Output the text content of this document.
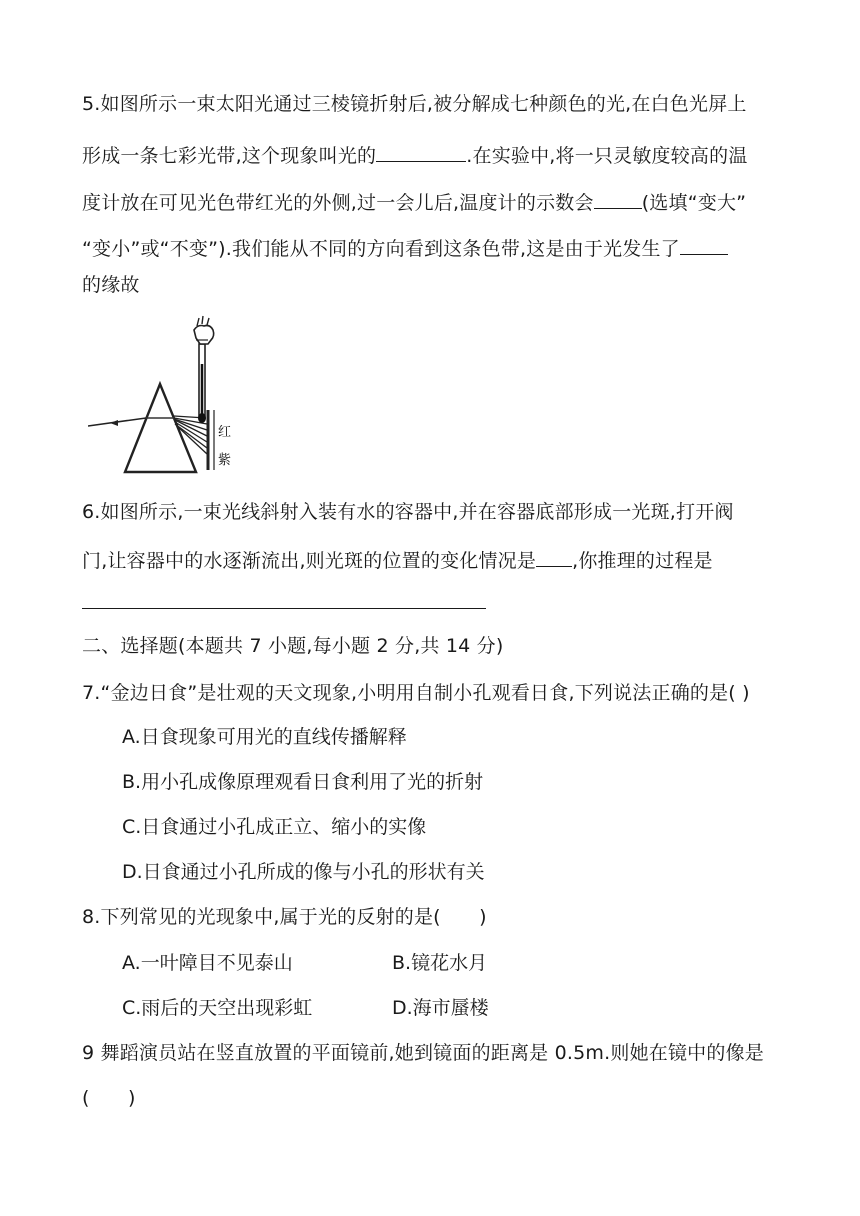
5.如图所示一束太阳光通过三棱镜折射后,被分解成七种颜色的光,在白色光屏上
形成一条七彩光带,这个现象叫光的	.在实验中,将一只灵敏度较高的温
度计放在可见光色带红光的外侧,过一会儿后,温度计的示数会	(选填“变大”
“变小”或“不变”).我们能从不同的方向看到这条色带,这是由于光发生了
的缘故
红
紫
6.如图所示,一束光线斜射入装有水的容器中,并在容器底部形成一光斑,打开阀
门,让容器中的水逐渐流出,则光斑的位置的变化情况是 ,你推理的过程是
二、选择题(本题共 7 小题,每小题 2 分,共 14 分)
7.“金边日食”是壮观的天文现象,小明用自制小孔观看日食,下列说法正确的是( )
A.日食现象可用光的直线传播解释
B.用小孔成像原理观看日食利用了光的折射
C.日食通过小孔成正立、缩小的实像
D.日食通过小孔所成的像与小孔的形状有关
8.下列常见的光现象中,属于光的反射的是(　　)
A.一叶障目不见泰山	B.镜花水月
C.雨后的天空出现彩虹	D.海市蜃楼
9 舞蹈演员站在竖直放置的平面镜前,她到镜面的距离是 0.5m.则她在镜中的像是
(　　)
